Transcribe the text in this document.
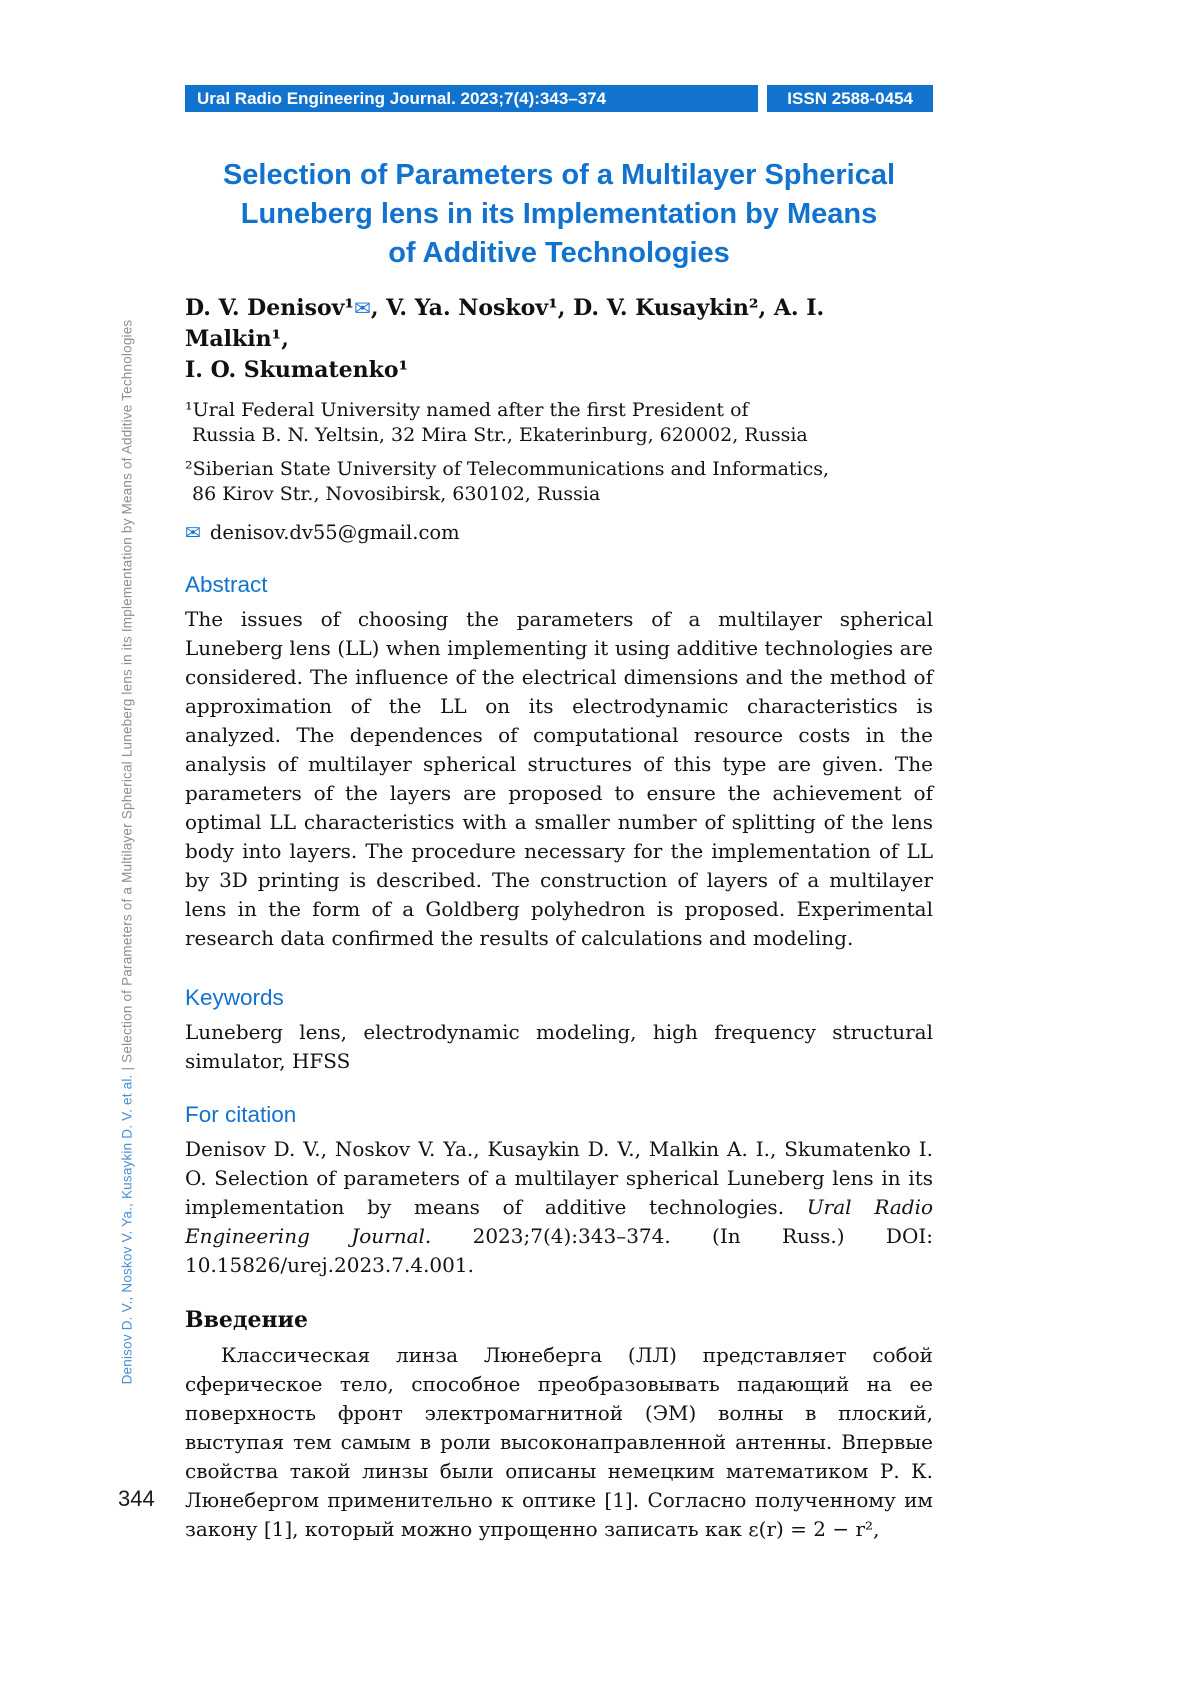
Denisov D. V., Noskov V. Ya., Kusaykin D. V. et al.|Selection of Parameters of a Multilayer Spherical Luneberg lens in its Implementation by Means of Additive Technologies
Ural Radio Engineering Journal. 2023;7(4):343–374	ISSN 2588-0454
Selection of Parameters of a Multilayer Spherical
Luneberg lens in its Implementation by Means
of Additive Technologies
D. V. Denisov¹✉, V. Ya. Noskov¹, D. V. Kusaykin², A. I. Malkin¹,
I. O. Skumatenko¹
¹Ural Federal University named after the first President of
Russia B. N. Yeltsin, 32 Mira Str., Ekaterinburg, 620002, Russia
²Siberian State University of Telecommunications and Informatics,
86 Kirov Str., Novosibirsk, 630102, Russia
✉ denisov.dv55@gmail.com
Abstract
The issues of choosing the parameters of a multilayer spherical Luneberg lens (LL) when implementing it using additive technologies are considered. The influence of the electrical dimensions and the method of approximation of the LL on its electrodynamic characteristics is analyzed. The dependences of computational resource costs in the analysis of multilayer spherical structures of this type are given. The parameters of the layers are proposed to ensure the achievement of optimal LL characteristics with a smaller number of splitting of the lens body into layers. The procedure necessary for the implementation of LL by 3D printing is described. The construction of layers of a multilayer lens in the form of a Goldberg polyhedron is proposed. Experimental research data confirmed the results of calculations and modeling.
Keywords
Luneberg lens, electrodynamic modeling, high frequency structural simulator, HFSS
For citation
Denisov D. V., Noskov V. Ya., Kusaykin D. V., Malkin A. I., Skumatenko I. O. Selection of parameters of a multilayer spherical Luneberg lens in its implementation by means of additive technologies. Ural Radio Engineering Journal. 2023;7(4):343–374. (In Russ.) DOI: 10.15826/urej.2023.7.4.001.
Введение
Классическая линза Люнеберга (ЛЛ) представляет собой сферическое тело, способное преобразовывать падающий на ее поверхность фронт электромагнитной (ЭМ) волны в плоский, выступая тем самым в роли высоконаправленной антенны. Впервые свойства такой линзы были описаны немецким математиком Р. К. Люнебергом применительно к оптике [1]. Согласно полученному им закону [1], который можно упрощенно записать как ε(r) = 2 − r²,
344
